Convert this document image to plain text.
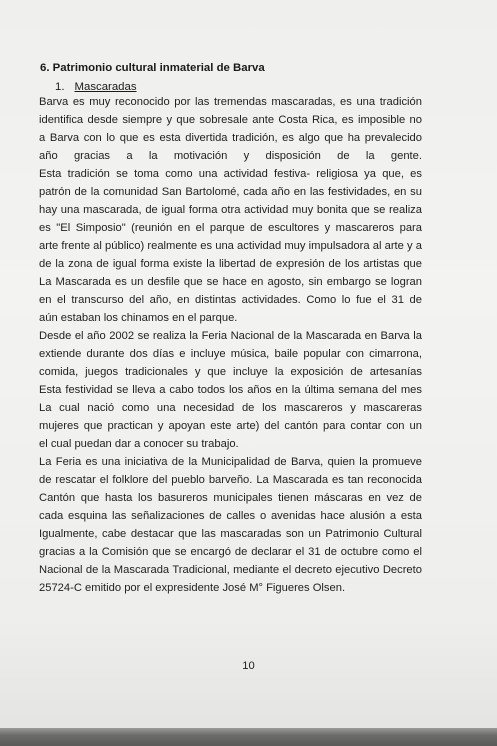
6. Patrimonio cultural inmaterial de Barva
1. Mascaradas
Barva es muy reconocido por las tremendas mascaradas, es una tradición
identifica desde siempre y que sobresale ante Costa Rica, es imposible no
a Barva con lo que es esta divertida tradición, es algo que ha prevalecido
año gracias a la motivación y disposición de la gente.
Esta tradición se toma como una actividad festiva- religiosa ya que, es
patrón de la comunidad San Bartolomé, cada año en las festividades, en su
hay una mascarada, de igual forma otra actividad muy bonita que se realiza
es "El Simposio" (reunión en el parque de escultores y mascareros para
arte frente al público) realmente es una actividad muy impulsadora al arte y a
de la zona de igual forma existe la libertad de expresión de los artistas que
La Mascarada es un desfile que se hace en agosto, sin embargo se logran
en el transcurso del año, en distintas actividades. Como lo fue el 31 de
aún estaban los chinamos en el parque.
Desde el año 2002 se realiza la Feria Nacional de la Mascarada en Barva la
extiende durante dos días e incluye música, baile popular con cimarrona,
comida, juegos tradicionales y que incluye la exposición de artesanías
Esta festividad se lleva a cabo todos los años en la última semana del mes
La cual nació como una necesidad de los mascareros y mascareras
mujeres que practican y apoyan este arte) del cantón para contar con un
el cual puedan dar a conocer su trabajo.
La Feria es una iniciativa de la Municipalidad de Barva, quien la promueve
de rescatar el folklore del pueblo barveño. La Mascarada es tan reconocida
Cantón que hasta los basureros municipales tienen máscaras en vez de
cada esquina las señalizaciones de calles o avenidas hace alusión a esta
Igualmente, cabe destacar que las mascaradas son un Patrimonio Cultural
gracias a la Comisión que se encargó de declarar el 31 de octubre como el
Nacional de la Mascarada Tradicional, mediante el decreto ejecutivo Decreto
25724-C emitido por el expresidente José M° Figueres Olsen.
10
